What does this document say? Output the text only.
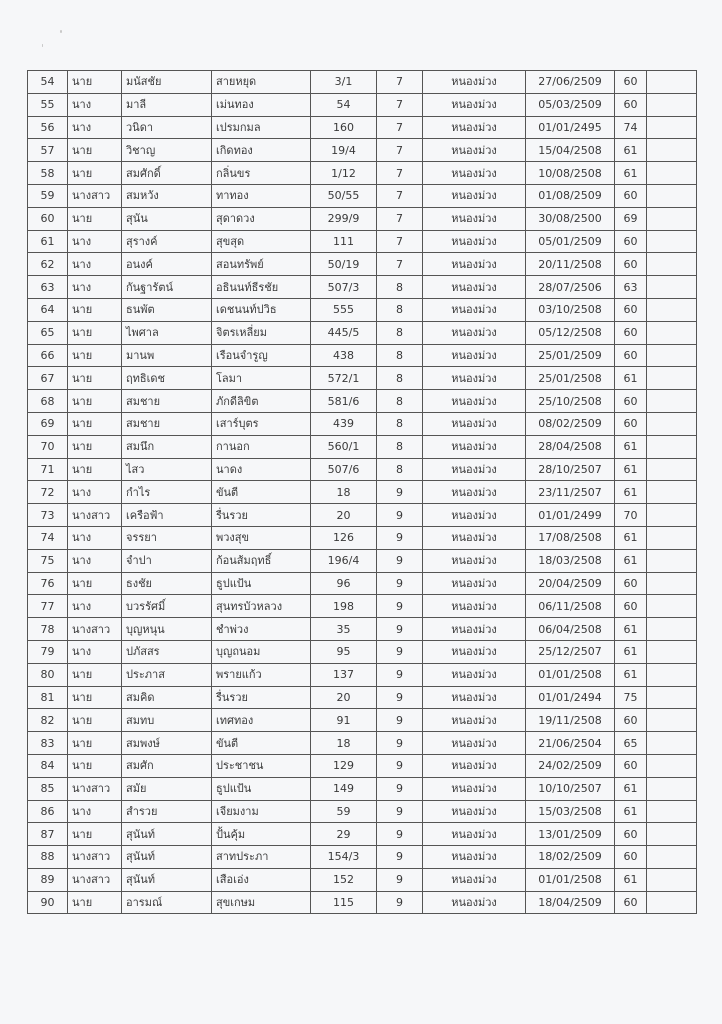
54	นาย	มนัสชัย	สายหยุด	3/1	7	หนองม่วง	27/06/2509	60	
55	นาง	มาลี	เม่นทอง	54	7	หนองม่วง	05/03/2509	60	
56	นาง	วนิดา	เปรมกมล	160	7	หนองม่วง	01/01/2495	74	
57	นาย	วิชาญ	เกิดทอง	19/4	7	หนองม่วง	15/04/2508	61	
58	นาย	สมศักดิ์	กลิ่นขร	1/12	7	หนองม่วง	10/08/2508	61	
59	นางสาว	สมหวัง	ทาทอง	50/55	7	หนองม่วง	01/08/2509	60	
60	นาย	สุนัน	สุดาดวง	299/9	7	หนองม่วง	30/08/2500	69	
61	นาง	สุรางค์	สุขสุด	111	7	หนองม่วง	05/01/2509	60	
62	นาง	อนงค์	สอนทรัพย์	50/19	7	หนองม่วง	20/11/2508	60	
63	นาง	กันฐารัตน์	อธินนท์ธีรชัย	507/3	8	หนองม่วง	28/07/2506	63	
64	นาย	ธนพัต	เดชนนท์ปวิธ	555	8	หนองม่วง	03/10/2508	60	
65	นาย	ไพศาล	จิตรเหลี่ยม	445/5	8	หนองม่วง	05/12/2508	60	
66	นาย	มานพ	เรือนจำรูญ	438	8	หนองม่วง	25/01/2509	60	
67	นาย	ฤทธิเดช	โลมา	572/1	8	หนองม่วง	25/01/2508	61	
68	นาย	สมชาย	ภักดีลิขิต	581/6	8	หนองม่วง	25/10/2508	60	
69	นาย	สมชาย	เสาร์บุตร	439	8	หนองม่วง	08/02/2509	60	
70	นาย	สมนึก	กานอก	560/1	8	หนองม่วง	28/04/2508	61	
71	นาย	ไสว	นาดง	507/6	8	หนองม่วง	28/10/2507	61	
72	นาง	กำไร	ขันตี	18	9	หนองม่วง	23/11/2507	61	
73	นางสาว	เครือฟ้า	รื่นรวย	20	9	หนองม่วง	01/01/2499	70	
74	นาง	จรรยา	พวงสุข	126	9	หนองม่วง	17/08/2508	61	
75	นาง	จำปา	ก้อนส้มฤทธิ์	196/4	9	หนองม่วง	18/03/2508	61	
76	นาย	ธงชัย	ธูปแป้น	96	9	หนองม่วง	20/04/2509	60	
77	นาง	บวรรัศมิ์	สุนทรบัวหลวง	198	9	หนองม่วง	06/11/2508	60	
78	นางสาว	บุญหนุน	ชำพ่วง	35	9	หนองม่วง	06/04/2508	61	
79	นาง	ปภัสสร	บุญถนอม	95	9	หนองม่วง	25/12/2507	61	
80	นาย	ประภาส	พรายแก้ว	137	9	หนองม่วง	01/01/2508	61	
81	นาย	สมคิด	รื่นรวย	20	9	หนองม่วง	01/01/2494	75	
82	นาย	สมทบ	เทศทอง	91	9	หนองม่วง	19/11/2508	60	
83	นาย	สมพงษ์	ขันตี	18	9	หนองม่วง	21/06/2504	65	
84	นาย	สมศัก	ประชาชน	129	9	หนองม่วง	24/02/2509	60	
85	นางสาว	สมัย	ธูปแป้น	149	9	หนองม่วง	10/10/2507	61	
86	นาง	สำรวย	เจียมงาม	59	9	หนองม่วง	15/03/2508	61	
87	นาย	สุนันท์	ปั้นคุ้ม	29	9	หนองม่วง	13/01/2509	60	
88	นางสาว	สุนันท์	สาทประภา	154/3	9	หนองม่วง	18/02/2509	60	
89	นางสาว	สุนันท์	เสือเอ่ง	152	9	หนองม่วง	01/01/2508	61	
90	นาย	อารมณ์	สุขเกษม	115	9	หนองม่วง	18/04/2509	60	
